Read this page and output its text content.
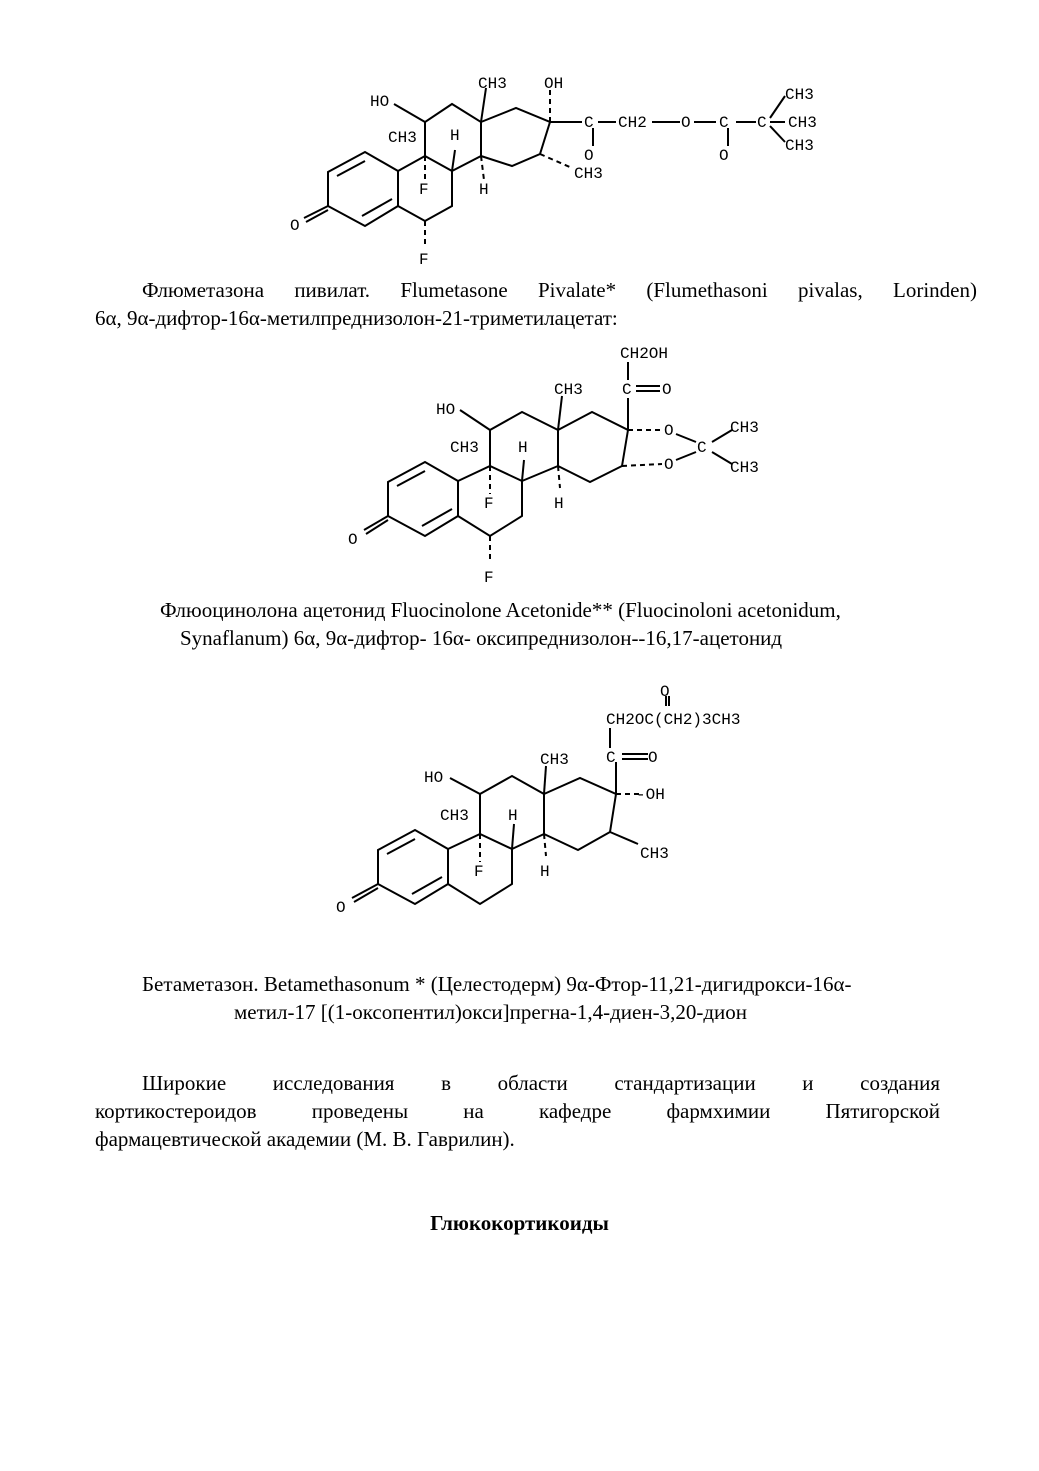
HO
CH3 OH
CH3 H
F	H
CH3
O
F
C
O
CH2 O C
O
C
CH3
CH3
CH3
Флюметазона пивилат. Flumetasone Pivalate* (Flumethasoni pivalas, Lorinden)
6α, 9α-дифтор-16α-метилпреднизолон-21-триметилацетат:
CH2OH
C O
CH3
HO
CH3 H
F	H
O
O
C
CH3
CH3
O
F
Флюоцинолона ацетонид Fluocinolone Acetonide** (Fluocinoloni acetonidum,
Synaflanum) 6α, 9α-дифтор- 16α- оксипреднизолон--16,17-ацетонид
O
CH2OC(CH2)3CH3
C O
CH3
-OH
HO
CH3 H
F	H
CH3
O
Бетаметазон. Betamethasonum * (Целестодерм) 9α-Фтор-11,21-дигидрокси-16α-
метил-17 [(1-оксопентил)окси]прегна-1,4-диен-3,20-дион
Широкие исследования в области стандартизации и создания
кортикостероидов проведены на кафедре фармхимии Пятигорской
фармацевтической академии (М. В. Гаврилин).
Глюкокортикоиды
